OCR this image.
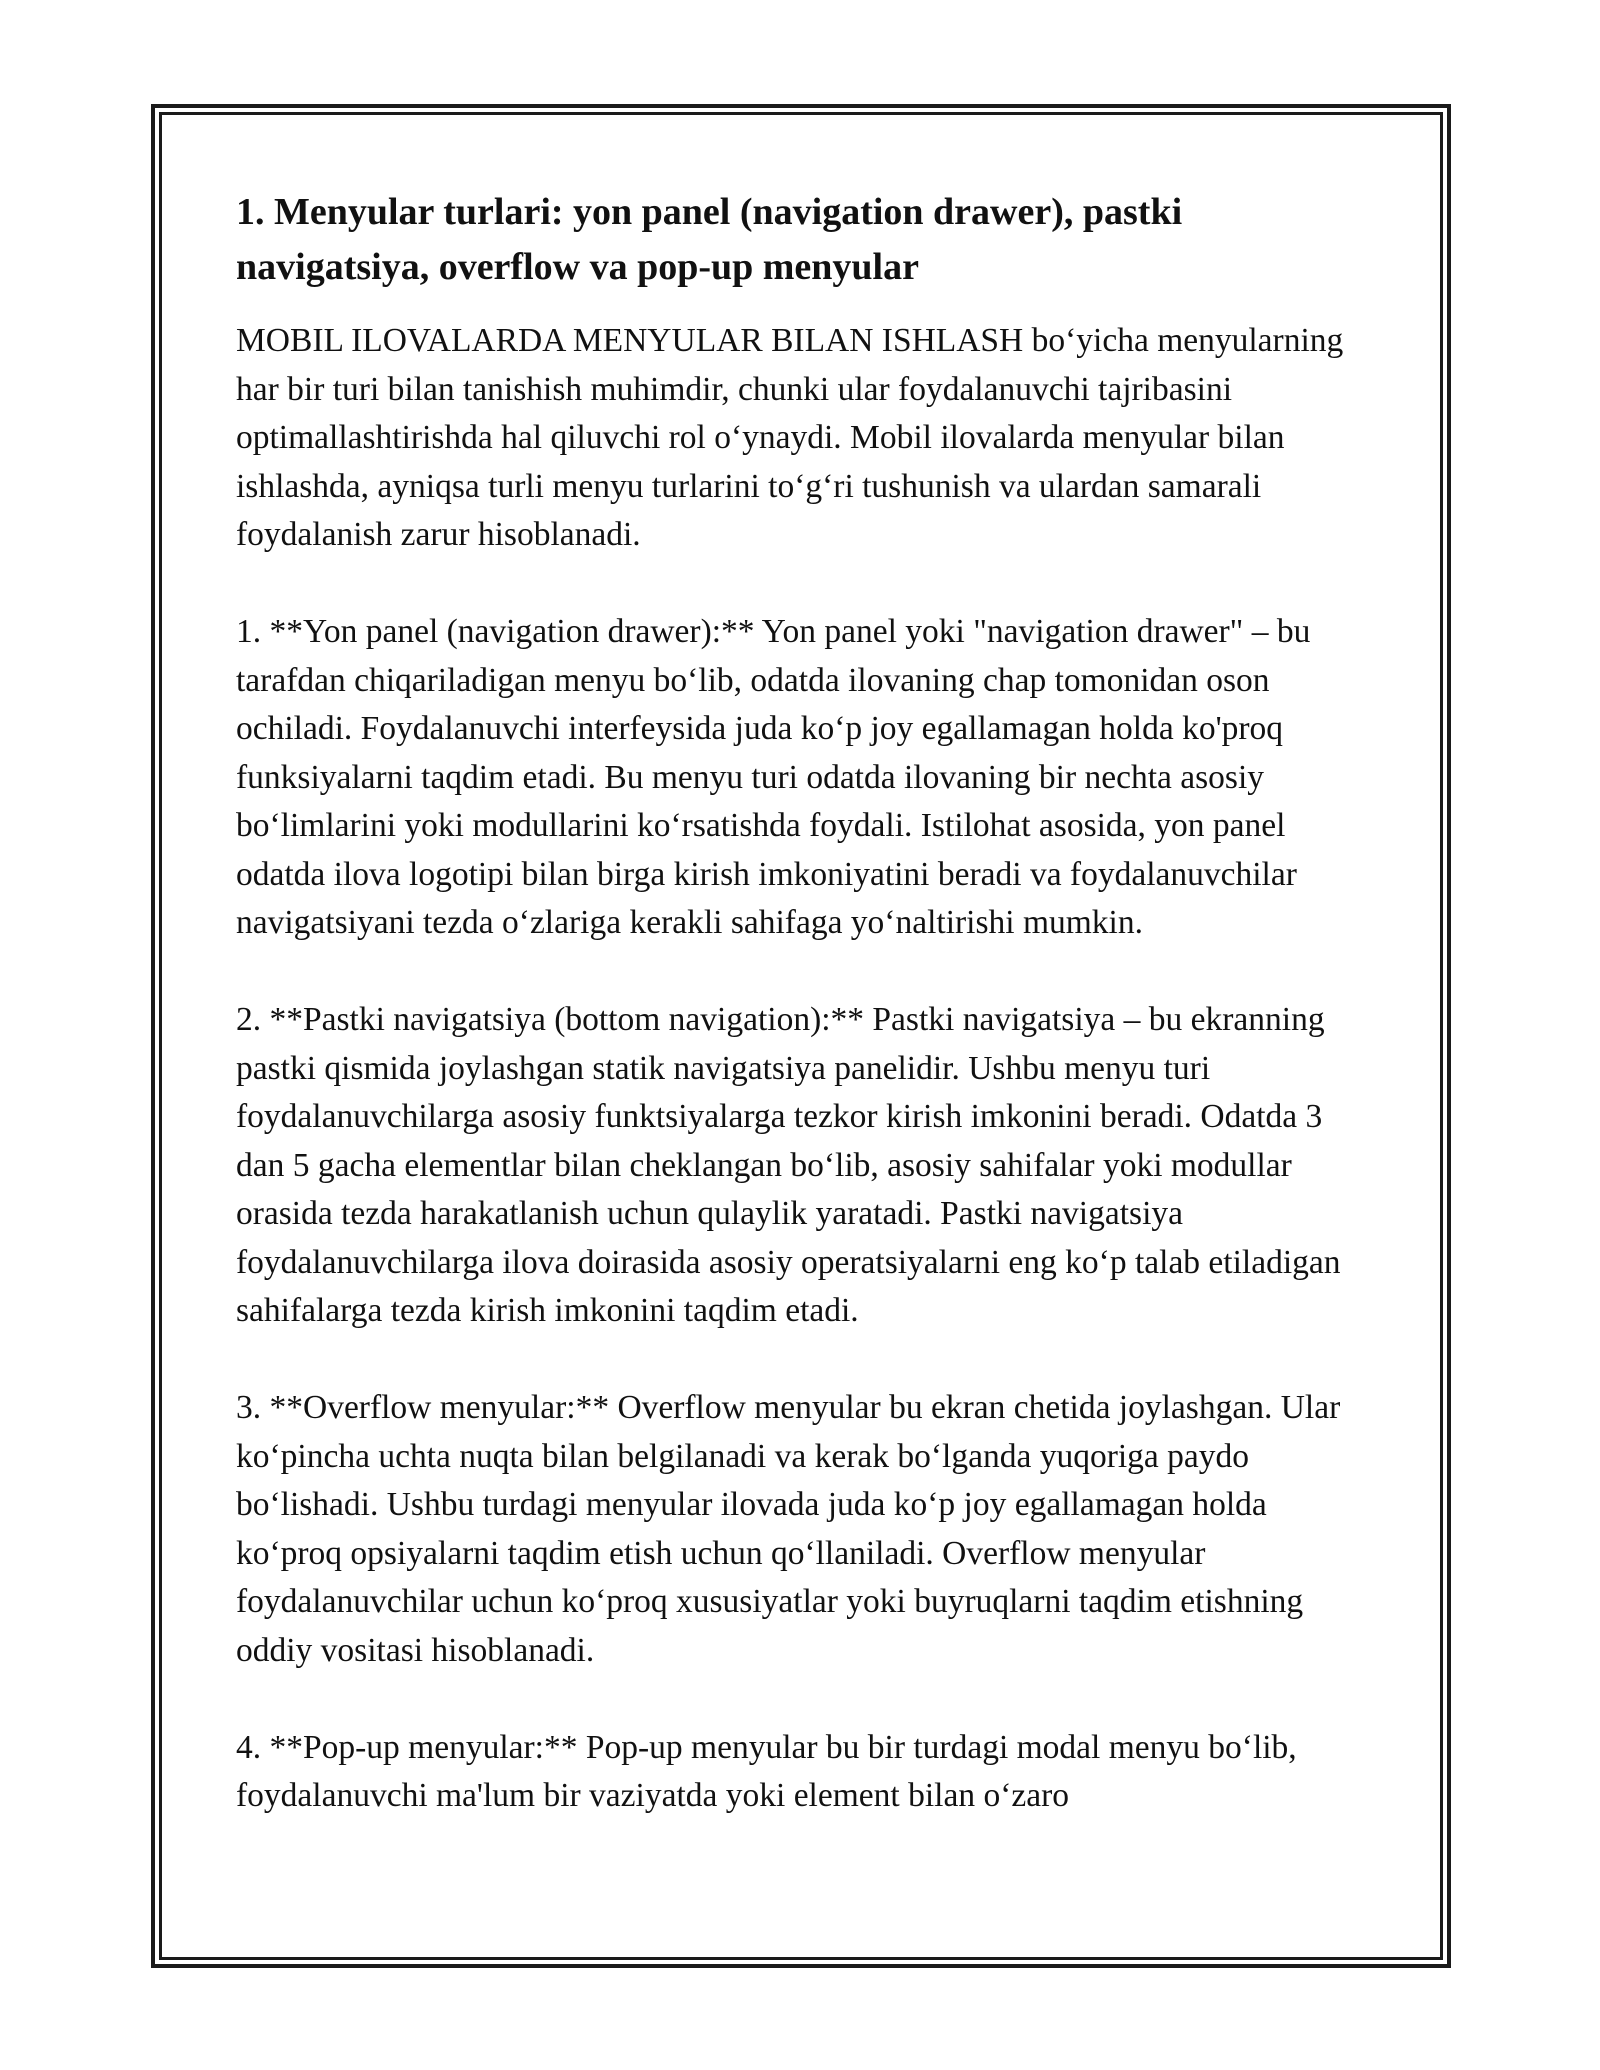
1. Menyular turlari: yon panel (navigation drawer), pastki navigatsiya, overflow va pop-up menyular

MOBIL ILOVALARDA MENYULAR BILAN ISHLASH bo‘yicha menyularning har bir turi bilan tanishish muhimdir, chunki ular foydalanuvchi tajribasini optimallashtirishda hal qiluvchi rol o‘ynaydi. Mobil ilovalarda menyular bilan ishlashda, ayniqsa turli menyu turlarini to‘g‘ri tushunish va ulardan samarali foydalanish zarur hisoblanadi.

1. **Yon panel (navigation drawer):** Yon panel yoki "navigation drawer" – bu tarafdan chiqariladigan menyu bo‘lib, odatda ilovaning chap tomonidan oson ochiladi. Foydalanuvchi interfeysida juda ko‘p joy egallamagan holda ko'proq funksiyalarni taqdim etadi. Bu menyu turi odatda ilovaning bir nechta asosiy bo‘limlarini yoki modullarini ko‘rsatishda foydali. Istilohat asosida, yon panel odatda ilova logotipi bilan birga kirish imkoniyatini beradi va foydalanuvchilar navigatsiyani tezda o‘zlariga kerakli sahifaga yo‘naltirishi mumkin.

2. **Pastki navigatsiya (bottom navigation):** Pastki navigatsiya – bu ekranning pastki qismida joylashgan statik navigatsiya panelidir. Ushbu menyu turi foydalanuvchilarga asosiy funktsiyalarga tezkor kirish imkonini beradi. Odatda 3 dan 5 gacha elementlar bilan cheklangan bo‘lib, asosiy sahifalar yoki modullar orasida tezda harakatlanish uchun qulaylik yaratadi. Pastki navigatsiya foydalanuvchilarga ilova doirasida asosiy operatsiyalarni eng ko‘p talab etiladigan sahifalarga tezda kirish imkonini taqdim etadi.

3. **Overflow menyular:** Overflow menyular bu ekran chetida joylashgan. Ular ko‘pincha uchta nuqta bilan belgilanadi va kerak bo‘lganda yuqoriga paydo bo‘lishadi. Ushbu turdagi menyular ilovada juda ko‘p joy egallamagan holda ko‘proq opsiyalarni taqdim etish uchun qo‘llaniladi. Overflow menyular foydalanuvchilar uchun ko‘proq xususiyatlar yoki buyruqlarni taqdim etishning oddiy vositasi hisoblanadi.

4. **Pop-up menyular:** Pop-up menyular bu bir turdagi modal menyu bo‘lib, foydalanuvchi ma'lum bir vaziyatda yoki element bilan o‘zaro
